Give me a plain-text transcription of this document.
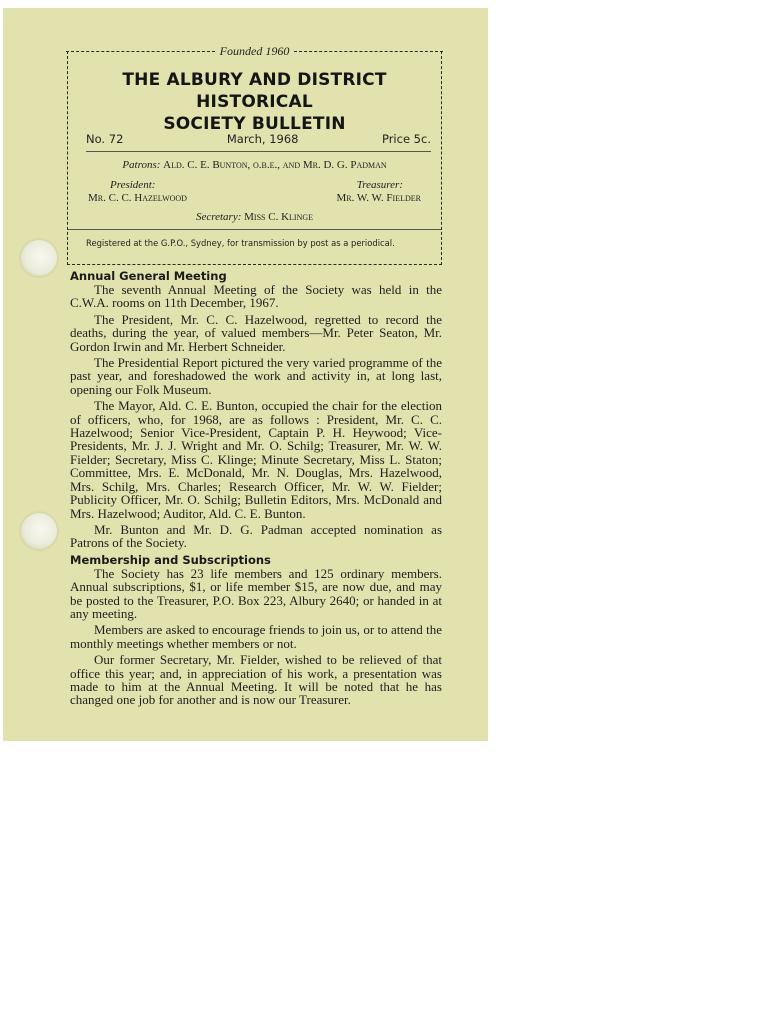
Founded 1960
THE ALBURY AND DISTRICT HISTORICAL
SOCIETY BULLETIN
No. 72	March, 1968	Price 5c.
Patrons: Ald. C. E. Bunton, o.b.e., and Mr. D. G. Padman
President:
Mr. C. C. Hazelwood
Treasurer:
Mr. W. W. Fielder
Secretary: Miss C. Klinge
Registered at the G.P.O., Sydney, for transmission by post as a periodical.
Annual General Meeting

The seventh Annual Meeting of the Society was held in the C.W.A. rooms on 11th December, 1967.

The President, Mr. C. C. Hazelwood, regretted to record the deaths, during the year, of valued members—Mr. Peter Seaton, Mr. Gordon Irwin and Mr. Herbert Schneider.

The Presidential Report pictured the very varied programme of the past year, and foreshadowed the work and activity in, at long last, opening our Folk Museum.

The Mayor, Ald. C. E. Bunton, occupied the chair for the election of officers, who, for 1968, are as follows : President, Mr. C. C. Hazelwood; Senior Vice-President, Captain P. H. Heywood; Vice-Presidents, Mr. J. J. Wright and Mr. O. Schilg; Treasurer, Mr. W. W. Fielder; Secretary, Miss C. Klinge; Minute Secretary, Miss L. Staton; Committee, Mrs. E. McDonald, Mr. N. Douglas, Mrs. Hazelwood, Mrs. Schilg, Mrs. Charles; Research Officer, Mr. W. W. Fielder; Publicity Officer, Mr. O. Schilg; Bulletin Editors, Mrs. McDonald and Mrs. Hazelwood; Auditor, Ald. C. E. Bunton.

Mr. Bunton and Mr. D. G. Padman accepted nomination as Patrons of the Society.

Membership and Subscriptions

The Society has 23 life members and 125 ordinary members. Annual subscriptions, $1, or life member $15, are now due, and may be posted to the Treasurer, P.O. Box 223, Albury 2640; or handed in at any meeting.

Members are asked to encourage friends to join us, or to attend the monthly meetings whether members or not.

Our former Secretary, Mr. Fielder, wished to be relieved of that office this year; and, in appreciation of his work, a presentation was made to him at the Annual Meeting. It will be noted that he has changed one job for another and is now our Treasurer.
